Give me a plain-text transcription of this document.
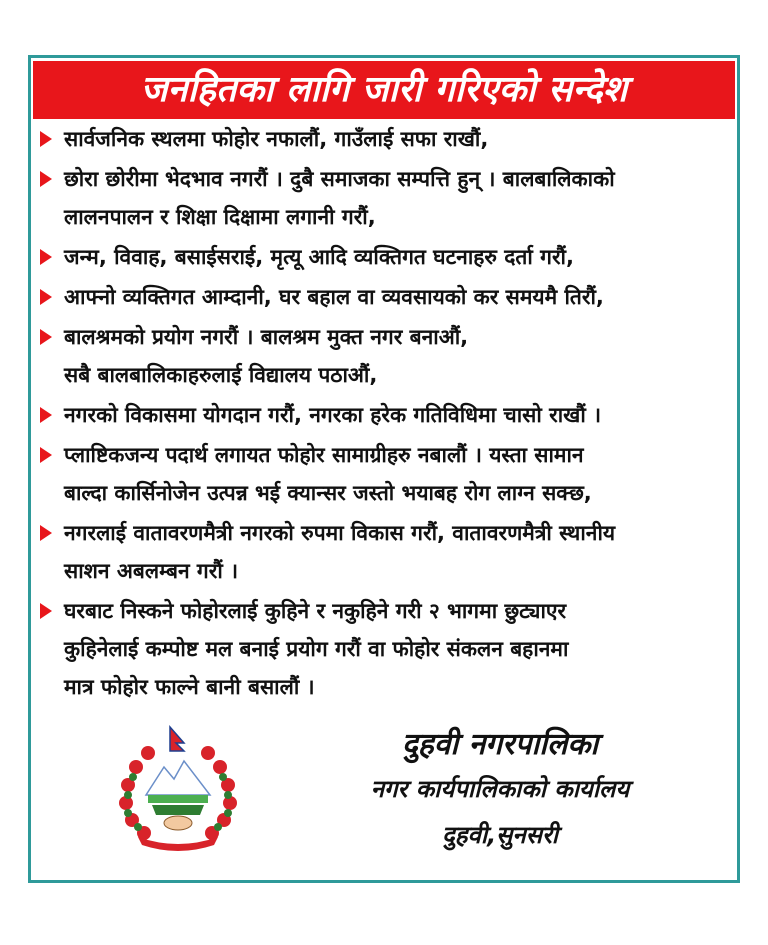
जनहितका लागि जारी गरिएको सन्देश
सार्वजनिक स्थलमा फोहोर नफालौं, गाउँलाई सफा राखौं,
छोरा छोरीमा भेदभाव नगरौं । दुबै समाजका सम्पत्ति हुन् । बालबालिकाको
लालनपालन र शिक्षा दिक्षामा लगानी गरौं,
जन्म, विवाह, बसाईसराई, मृत्यू आदि व्यक्तिगत घटनाहरु दर्ता गरौं,
आफ्नो व्यक्तिगत आम्दानी, घर बहाल वा व्यवसायको कर समयमै तिरौं,
बालश्रमको प्रयोग नगरौं । बालश्रम मुक्त नगर बनाऔं,
सबै बालबालिकाहरुलाई विद्यालय पठाऔं,
नगरको विकासमा योगदान गरौं, नगरका हरेक गतिविधिमा चासो राखौं ।
प्लाष्टिकजन्य पदार्थ लगायत फोहोर सामाग्रीहरु नबालौं । यस्ता सामान
बाल्दा कार्सिनोजेन उत्पन्न भई क्यान्सर जस्तो भयाबह रोग लाग्न सक्छ,
नगरलाई वातावरणमैत्री नगरको रुपमा विकास गरौं, वातावरणमैत्री स्थानीय
साशन अबलम्बन गरौं ।
घरबाट निस्कने फोहोरलाई कुहिने र नकुहिने गरी २ भागमा छुट्याएर
कुहिनेलाई कम्पोष्ट मल बनाई प्रयोग गरौं वा फोहोर संकलन बहानमा
मात्र फोहोर फाल्ने बानी बसालौं ।
दुहवी नगरपालिका
नगर कार्यपालिकाको कार्यालय
दुहवी,सुनसरी
